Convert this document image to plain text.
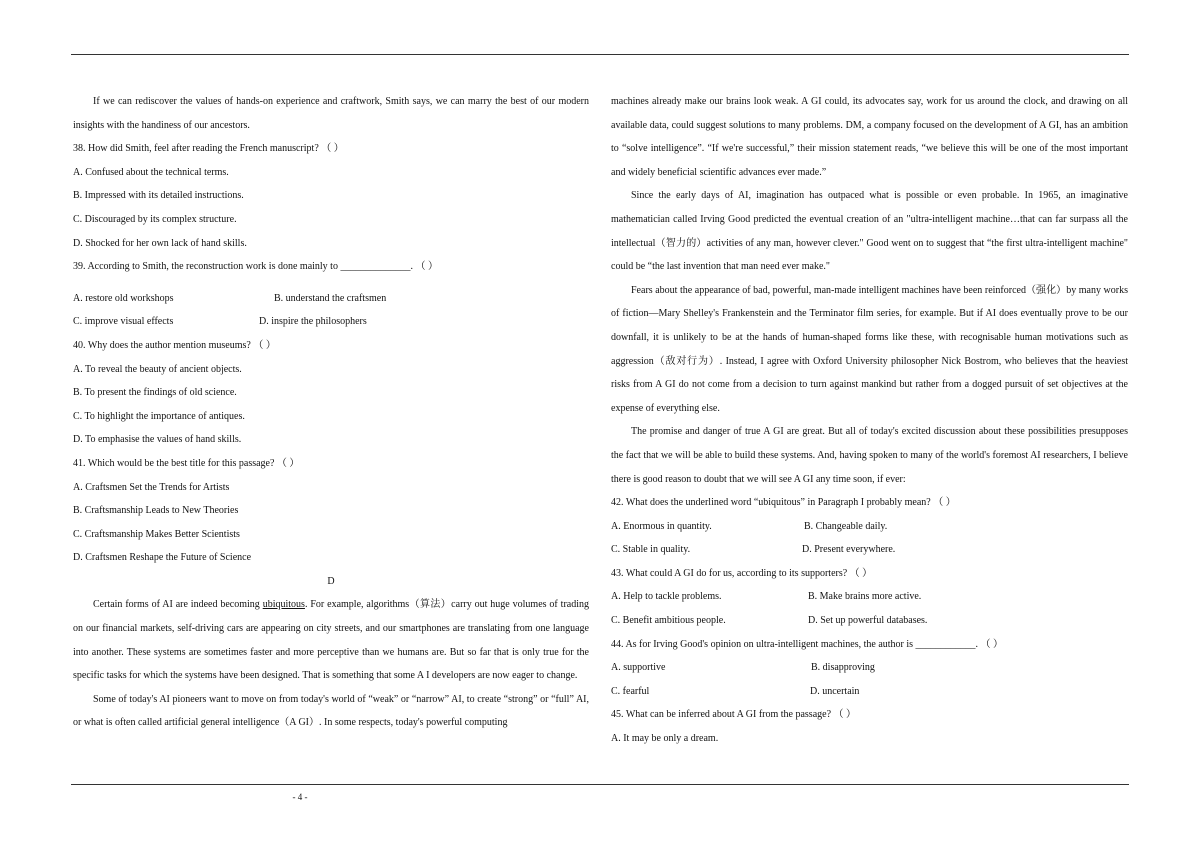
If we can rediscover the values of hands-on experience and craftwork, Smith says, we can marry the best of our modern insights with the handiness of our ancestors.

38. How did Smith, feel after reading the French manuscript? （ ）

A. Confused about the technical terms.

B. Impressed with its detailed instructions.

C. Discouraged by its complex structure.

D. Shocked for her own lack of hand skills.

39. According to Smith, the reconstruction work is done mainly to ______________. （ ）

A. restore old workshops	B. understand the craftsmen
C. improve visual effects	D. inspire the philosophers

40. Why does the author mention museums? （ ）

A. To reveal the beauty of ancient objects.

B. To present the findings of old science.

C. To highlight the importance of antiques.

D. To emphasise the values of hand skills.

41. Which would be the best title for this passage? （ ）

A. Craftsmen Set the Trends for Artists

B. Craftsmanship Leads to New Theories

C. Craftsmanship Makes Better Scientists

D. Craftsmen Reshape the Future of Science

D

Certain forms of AI are indeed becoming ubiquitous. For example, algorithms（算法）carry out huge volumes of trading on our financial markets, self-driving cars are appearing on city streets, and our smartphones are translating from one language into another. These systems are sometimes faster and more perceptive than we humans are. But so far that is only true for the specific tasks for which the systems have been designed. That is something that some A I developers are now eager to change.

Some of today's AI pioneers want to move on from today's world of “weak” or “narrow” AI, to create “strong” or “full” AI, or what is often called artificial general intelligence（A GI）. In some respects, today's powerful computing

machines already make our brains look weak. A GI could, its advocates say, work for us around the clock, and drawing on all available data, could suggest solutions to many problems. DM, a company focused on the development of A GI, has an ambition to “solve intelligence”. “If we're successful,” their mission statement reads, “we believe this will be one of the most important and widely beneficial scientific advances ever made.”

Since the early days of AI, imagination has outpaced what is possible or even probable. In 1965, an imaginative mathematician called Irving Good predicted the eventual creation of an "ultra-intelligent machine…that can far surpass all the intellectual（智力的）activities of any man, however clever." Good went on to suggest that “the first ultra-intelligent machine" could be “the last invention that man need ever make."

Fears about the appearance of bad, powerful, man-made intelligent machines have been reinforced（强化）by many works of fiction—Mary Shelley's Frankenstein and the Terminator film series, for example. But if AI does eventually prove to be our downfall, it is unlikely to be at the hands of human-shaped forms like these, with recognisable human motivations such as aggression（敌对行为）. Instead, I agree with Oxford University philosopher Nick Bostrom, who believes that the heaviest risks from A GI do not come from a decision to turn against mankind but rather from a dogged pursuit of set objectives at the expense of everything else.

The promise and danger of true A GI are great. But all of today's excited discussion about these possibilities presupposes the fact that we will be able to build these systems. And, having spoken to many of the world's foremost AI researchers, I believe there is good reason to doubt that we will see A GI any time soon, if ever:

42. What does the underlined word “ubiquitous” in Paragraph I probably mean? （ ）

A. Enormous in quantity.	B. Changeable daily.
C. Stable in quality.	D. Present everywhere.

43. What could A GI do for us, according to its supporters? （ ）

A. Help to tackle problems.	B. Make brains more active.
C. Benefit ambitious people.	D. Set up powerful databases.

44. As for Irving Good's opinion on ultra-intelligent machines, the author is ____________. （ ）

A. supportive	B. disapproving
C. fearful	D. uncertain

45. What can be inferred about A GI from the passage? （ ）

A. It may be only a dream.

- 4 -
